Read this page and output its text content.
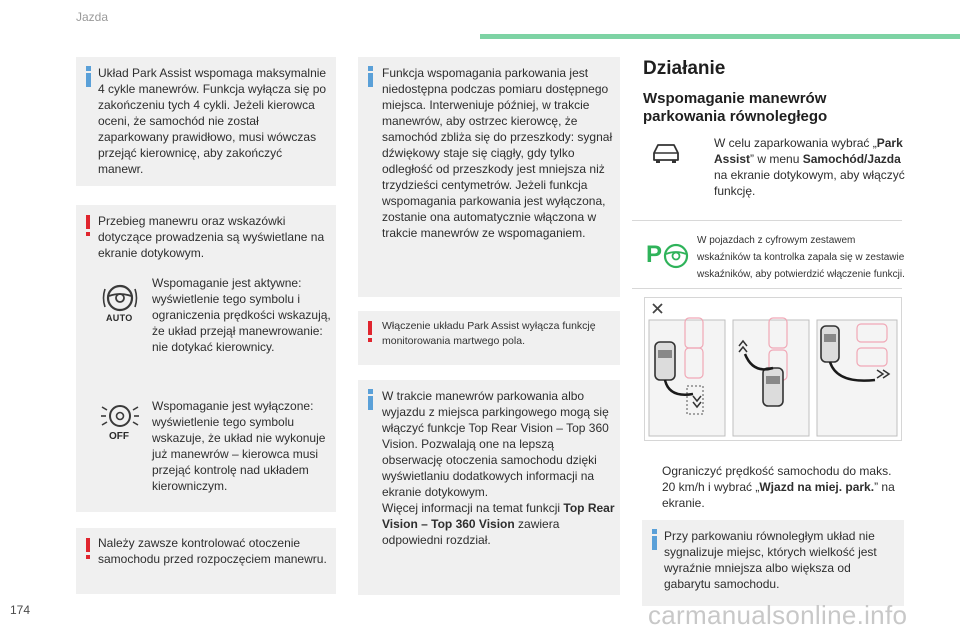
Jazda
174
Układ Park Assist wspomaga maksymalnie 4 cykle manewrów. Funkcja wyłącza się po zakończeniu tych 4 cykli. Jeżeli kierowca oceni, że samochód nie został zaparkowany prawidłowo, musi wówczas przejąć kierownicę, aby zakończyć manewr.
Przebieg manewru oraz wskazówki dotyczące prowadzenia są wyświetlane na ekranie dotykowym.
AUTO
Wspomaganie jest aktywne: wyświetlenie tego symbolu i ograniczenia prędkości wskazują, że układ przejął manewrowanie: nie dotykać kierownicy.
OFF
Wspomaganie jest wyłączone: wyświetlenie tego symbolu wskazuje, że układ nie wykonuje już manewrów – kierowca musi przejąć kontrolę nad układem kierowniczym.
Należy zawsze kontrolować otoczenie samochodu przed rozpoczęciem manewru.
Funkcja wspomagania parkowania jest niedostępna podczas pomiaru dostępnego miejsca. Interweniuje później, w trakcie manewrów, aby ostrzec kierowcę, że samochód zbliża się do przeszkody: sygnał dźwiękowy staje się ciągły, gdy tylko odległość od przeszkody jest mniejsza niż trzydzieści centymetrów. Jeżeli funkcja wspomagania parkowania jest wyłączona, zostanie ona automatycznie włączona w trakcie manewrów ze wspomaganiem.
Włączenie układu Park Assist wyłącza funkcję monitorowania martwego pola.
W trakcie manewrów parkowania albo wyjazdu z miejsca parkingowego mogą się włączyć funkcje Top Rear Vision – Top 360 Vision. Pozwalają one na lepszą obserwację otoczenia samochodu dzięki wyświetlaniu dodatkowych informacji na ekranie dotykowym.
Więcej informacji na temat funkcji Top Rear Vision – Top 360 Vision zawiera odpowiedni rozdział.
Działanie
Wspomaganie manewrów parkowania równoległego
W celu zaparkowania wybrać „Park Assist” w menu Samochód/Jazda na ekranie dotykowym, aby włączyć funkcję.
P
W pojazdach z cyfrowym zestawem wskaźników ta kontrolka zapala się w zestawie wskaźników, aby potwierdzić włączenie funkcji.
Ograniczyć prędkość samochodu do maks. 20 km/h i wybrać „Wjazd na miej. park.” na ekranie.
Przy parkowaniu równoległym układ nie sygnalizuje miejsc, których wielkość jest wyraźnie mniejsza albo większa od gabarytu samochodu.
carmanualsonline.info
